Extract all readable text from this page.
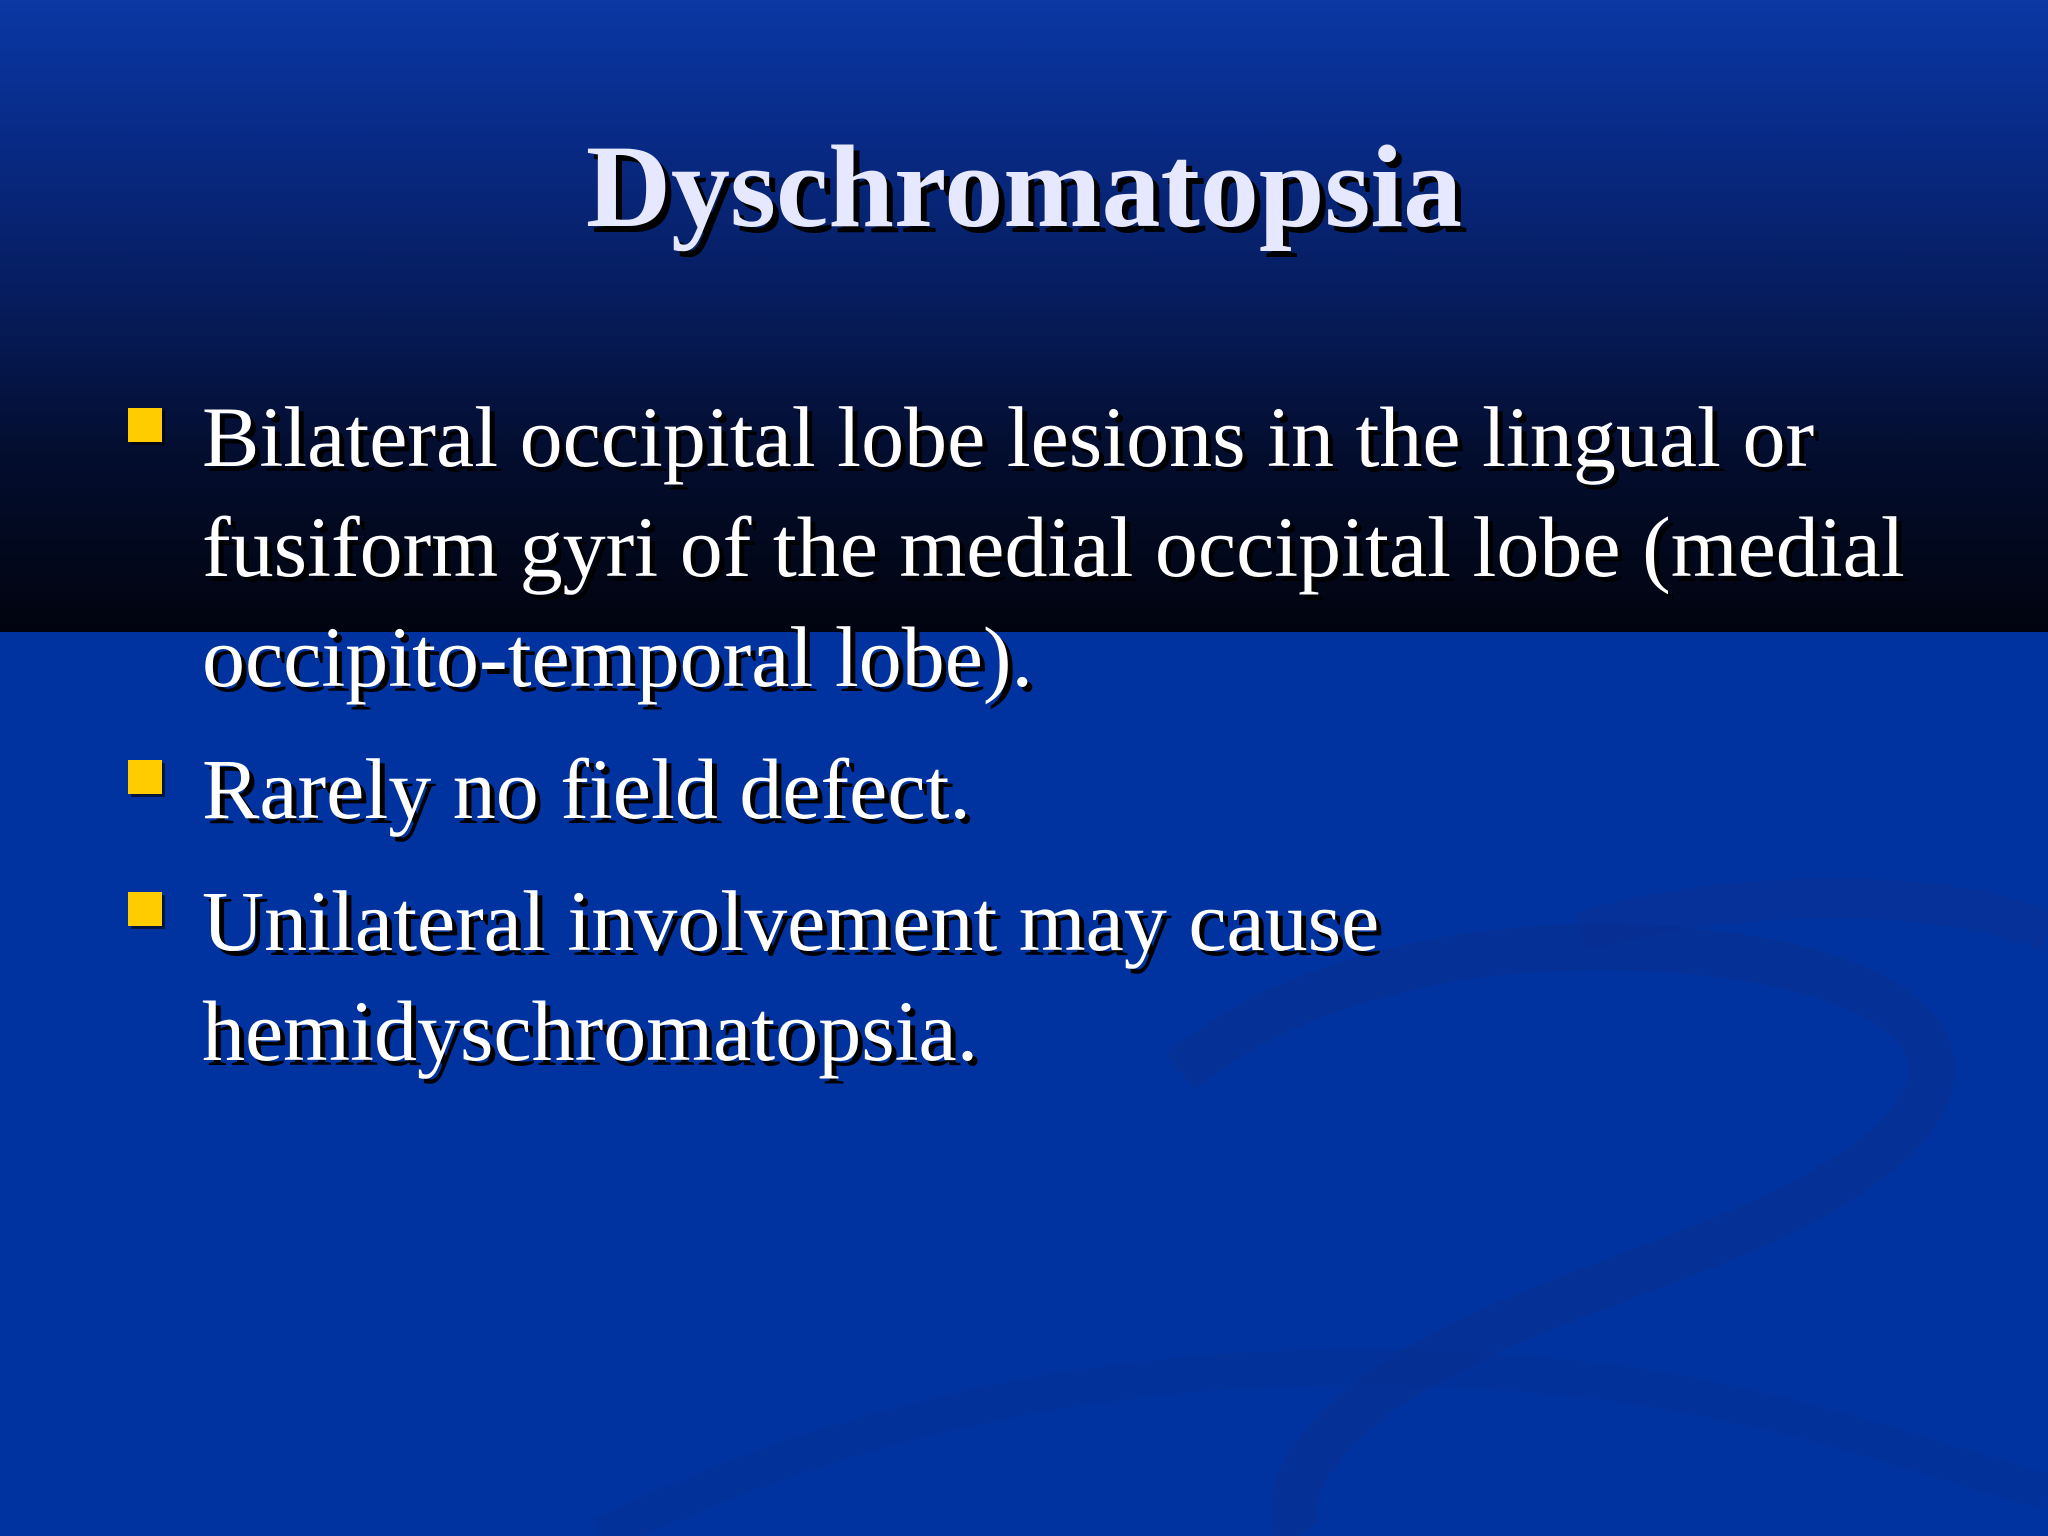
Dyschromatopsia
Bilateral occipital lobe lesions in the lingual or fusiform gyri of the medial occipital lobe (medial occipito-temporal lobe).
Rarely no field defect.
Unilateral involvement may cause hemidyschromatopsia.
